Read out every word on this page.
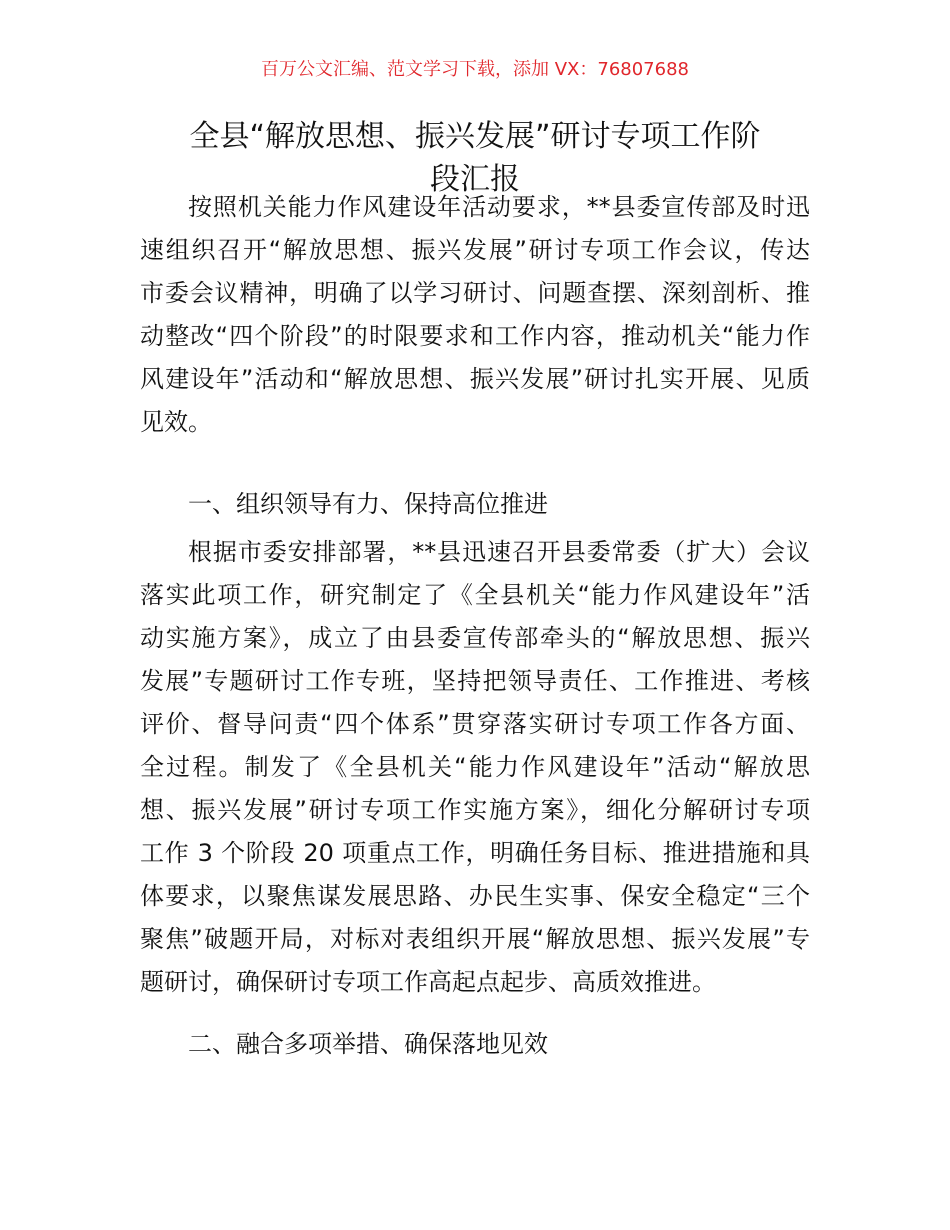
百万公文汇编、范文学习下载，添加 VX：76807688
全县“解放思想、振兴发展”研讨专项工作阶
段汇报
按照机关能力作风建设年活动要求，**县委宣传部及时迅
速组织召开“解放思想、振兴发展”研讨专项工作会议，传达
市委会议精神，明确了以学习研讨、问题查摆、深刻剖析、推
动整改“四个阶段”的时限要求和工作内容，推动机关“能力作
风建设年”活动和“解放思想、振兴发展”研讨扎实开展、见质
见效。
一、组织领导有力、保持高位推进
根据市委安排部署，**县迅速召开县委常委（扩大）会议
落实此项工作，研究制定了《全县机关“能力作风建设年”活
动实施方案》，成立了由县委宣传部牵头的“解放思想、振兴
发展”专题研讨工作专班，坚持把领导责任、工作推进、考核
评价、督导问责“四个体系”贯穿落实研讨专项工作各方面、
全过程。制发了《全县机关“能力作风建设年”活动“解放思
想、振兴发展”研讨专项工作实施方案》，细化分解研讨专项
工作 3 个阶段 20 项重点工作，明确任务目标、推进措施和具
体要求，以聚焦谋发展思路、办民生实事、保安全稳定“三个
聚焦”破题开局，对标对表组织开展“解放思想、振兴发展”专
题研讨，确保研讨专项工作高起点起步、高质效推进。
二、融合多项举措、确保落地见效
